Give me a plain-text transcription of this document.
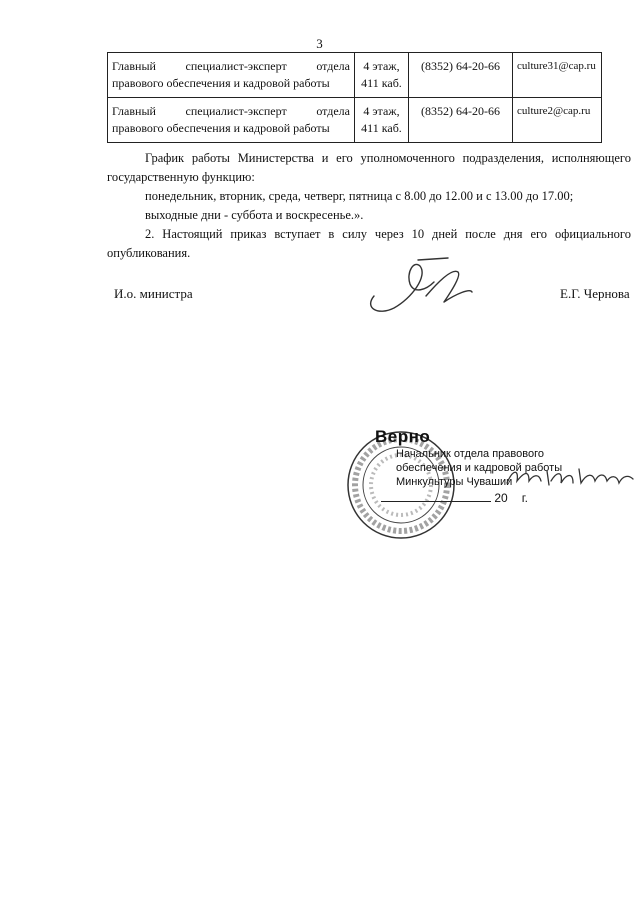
3
Главный специалист-эксперт отдела правового обеспечения и кадровой работы	4 этаж, 411 каб.	(8352) 64-20-66	culture31@cap.ru
Главный специалист-эксперт отдела правового обеспечения и кадровой работы	4 этаж, 411 каб.	(8352) 64-20-66	culture2@cap.ru

График работы Министерства и его уполномоченного подразделения, исполняющего государственную функцию:

понедельник, вторник, среда, четверг, пятница с 8.00 до 12.00 и с 13.00 до 17.00;

выходные дни - суббота и воскресенье.».

2. Настоящий приказ вступает в силу через 10 дней после дня его официального опубликования.

И.о. министра	Е.Г. Чернова
Верно
Начальник отдела правового
обеспечения и кадровой работы
Минкультуры Чувашии
20 г.
